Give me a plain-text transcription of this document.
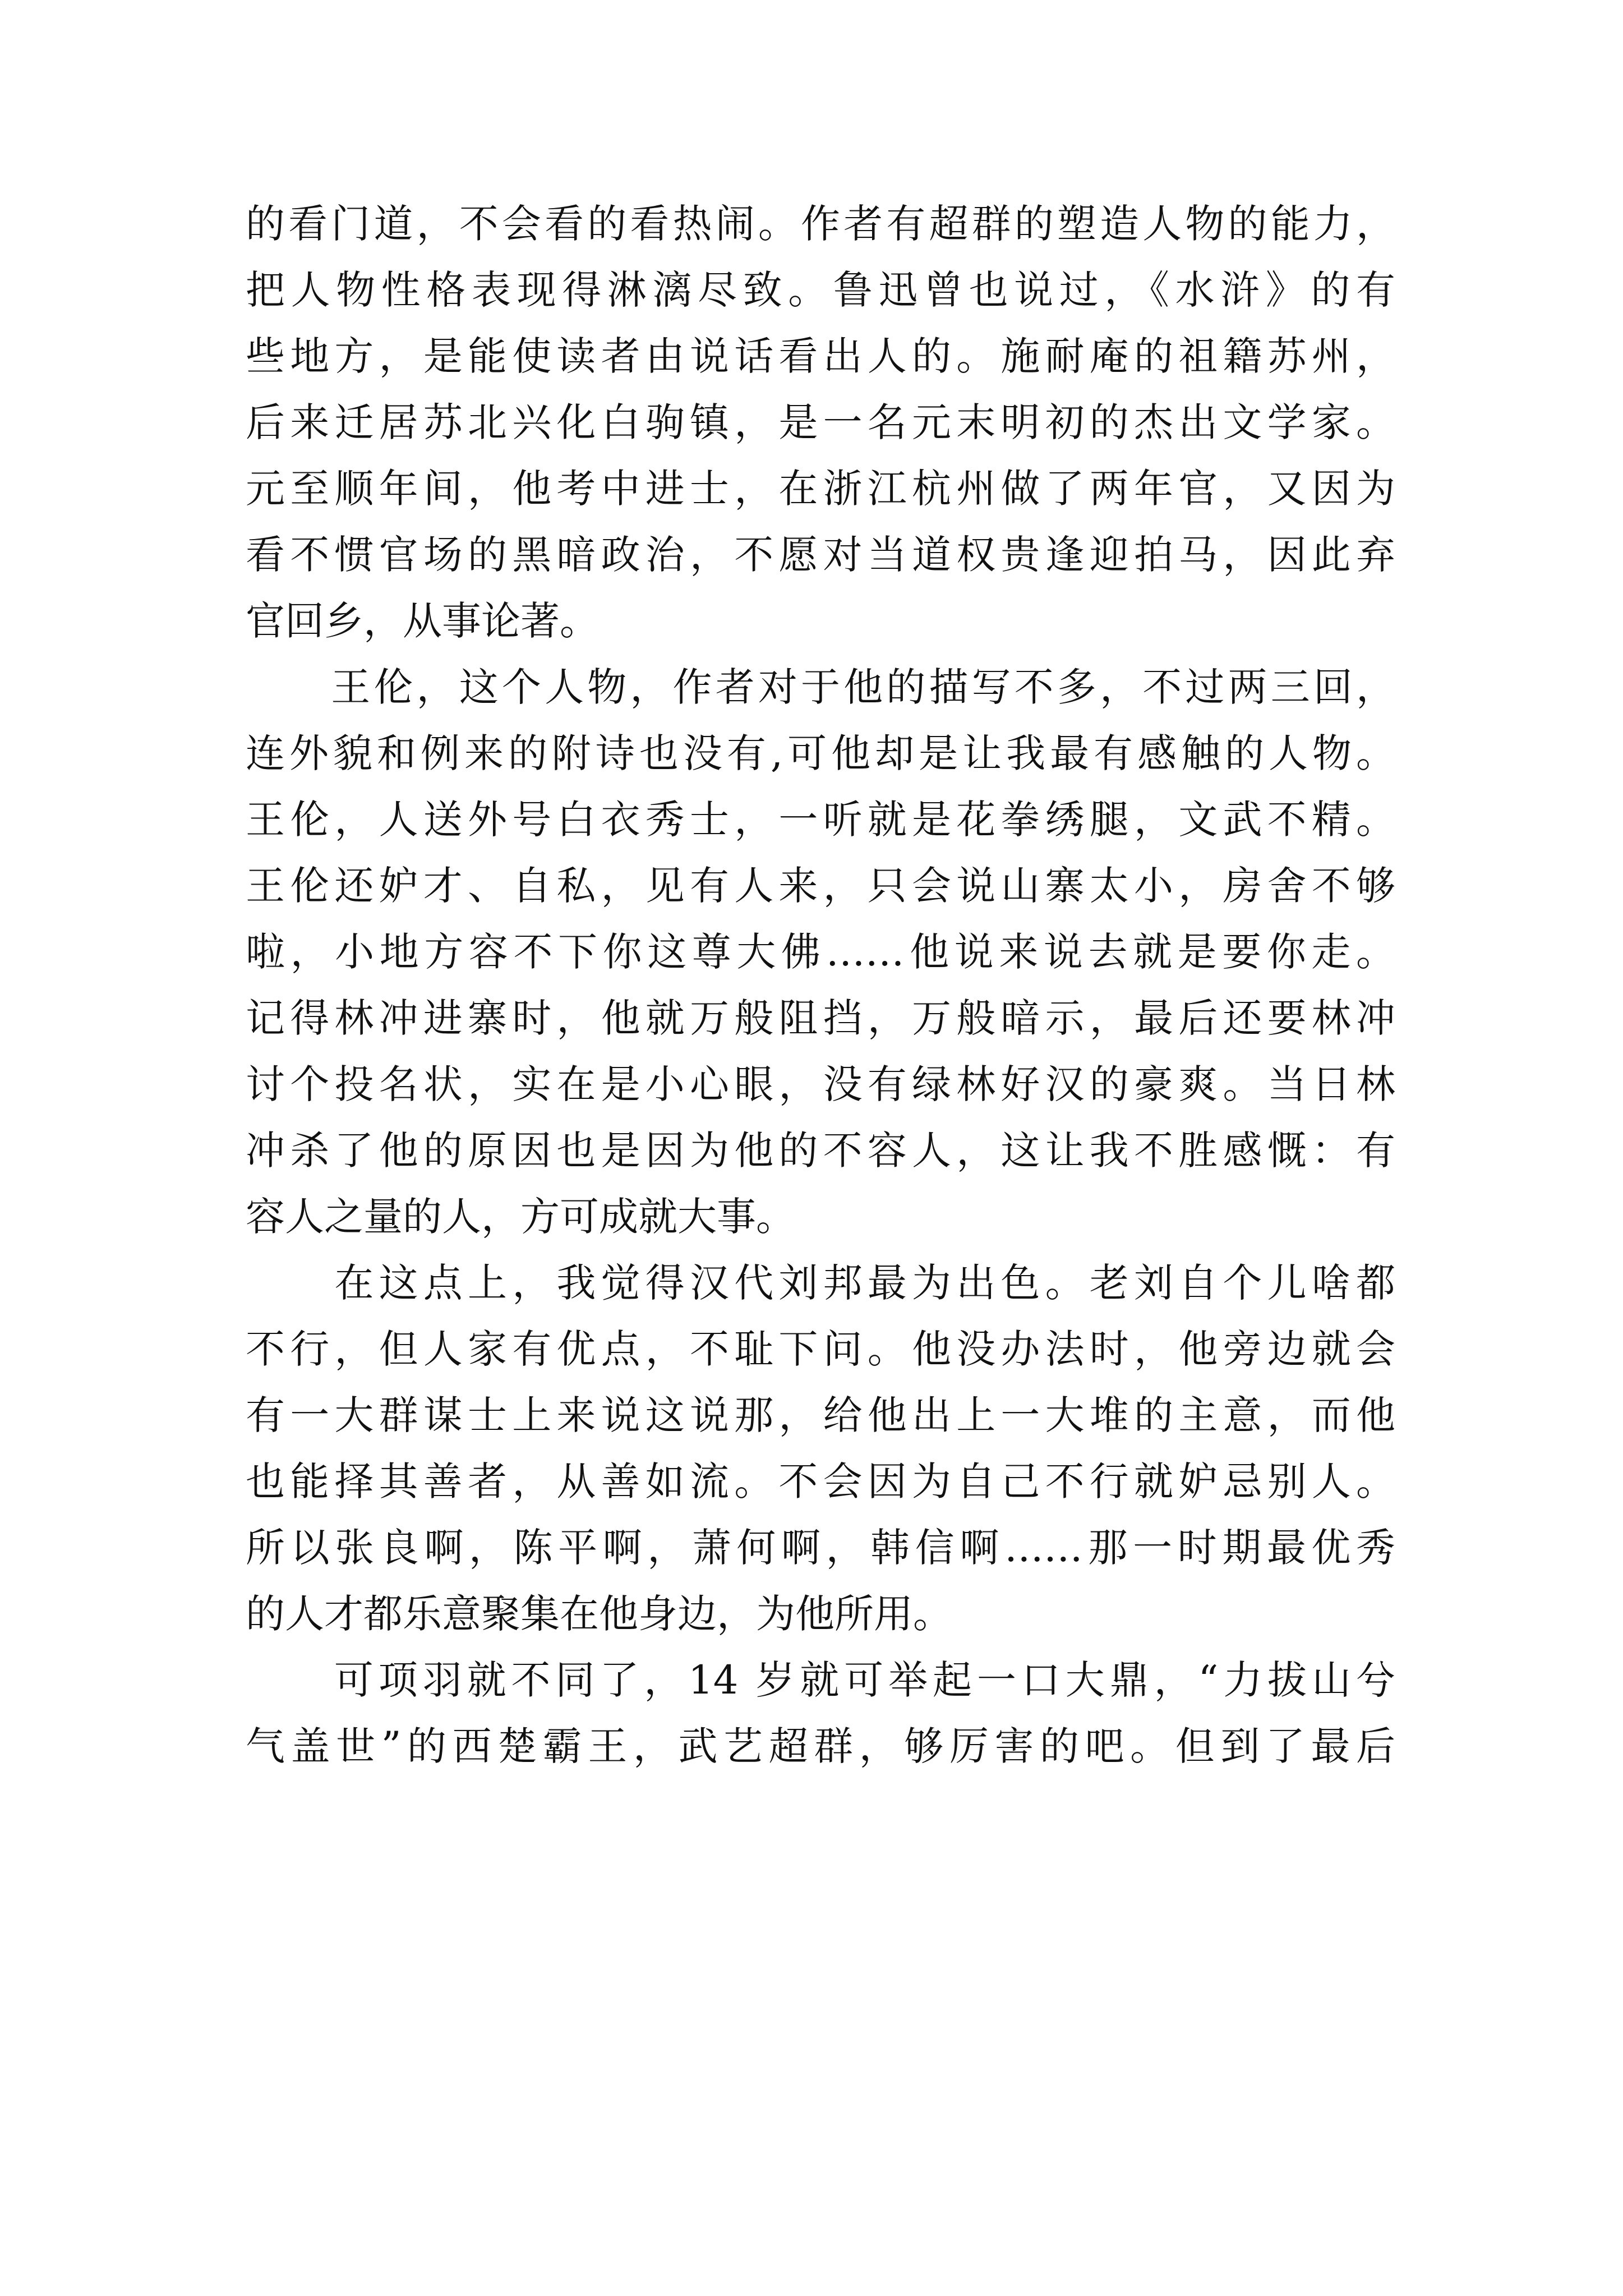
的看门道，不会看的看热闹。作者有超群的塑造人物的能力，
把人物性格表现得淋漓尽致。鲁迅曾也说过，《水浒》的有
些地方，是能使读者由说话看出人的。施耐庵的祖籍苏州，
后来迁居苏北兴化白驹镇，是一名元末明初的杰出文学家。
元至顺年间，他考中进士，在浙江杭州做了两年官，又因为
看不惯官场的黑暗政治，不愿对当道权贵逢迎拍马，因此弃
官回乡，从事论著。
　　王伦，这个人物，作者对于他的描写不多，不过两三回，
连外貌和例来的附诗也没有,可他却是让我最有感触的人物。
王伦，人送外号白衣秀士，一听就是花拳绣腿，文武不精。
王伦还妒才、自私，见有人来，只会说山寨太小，房舍不够
啦，小地方容不下你这尊大佛……他说来说去就是要你走。
记得林冲进寨时，他就万般阻挡，万般暗示，最后还要林冲
讨个投名状，实在是小心眼，没有绿林好汉的豪爽。当日林
冲杀了他的原因也是因为他的不容人，这让我不胜感慨：有
容人之量的人，方可成就大事。
　　在这点上，我觉得汉代刘邦最为出色。老刘自个儿啥都
不行，但人家有优点，不耻下问。他没办法时，他旁边就会
有一大群谋士上来说这说那，给他出上一大堆的主意，而他
也能择其善者，从善如流。不会因为自己不行就妒忌别人。
所以张良啊，陈平啊，萧何啊，韩信啊……那一时期最优秀
的人才都乐意聚集在他身边，为他所用。
　　可项羽就不同了，14 岁就可举起一口大鼎，“力拔山兮
气盖世”的西楚霸王，武艺超群，够厉害的吧。但到了最后
